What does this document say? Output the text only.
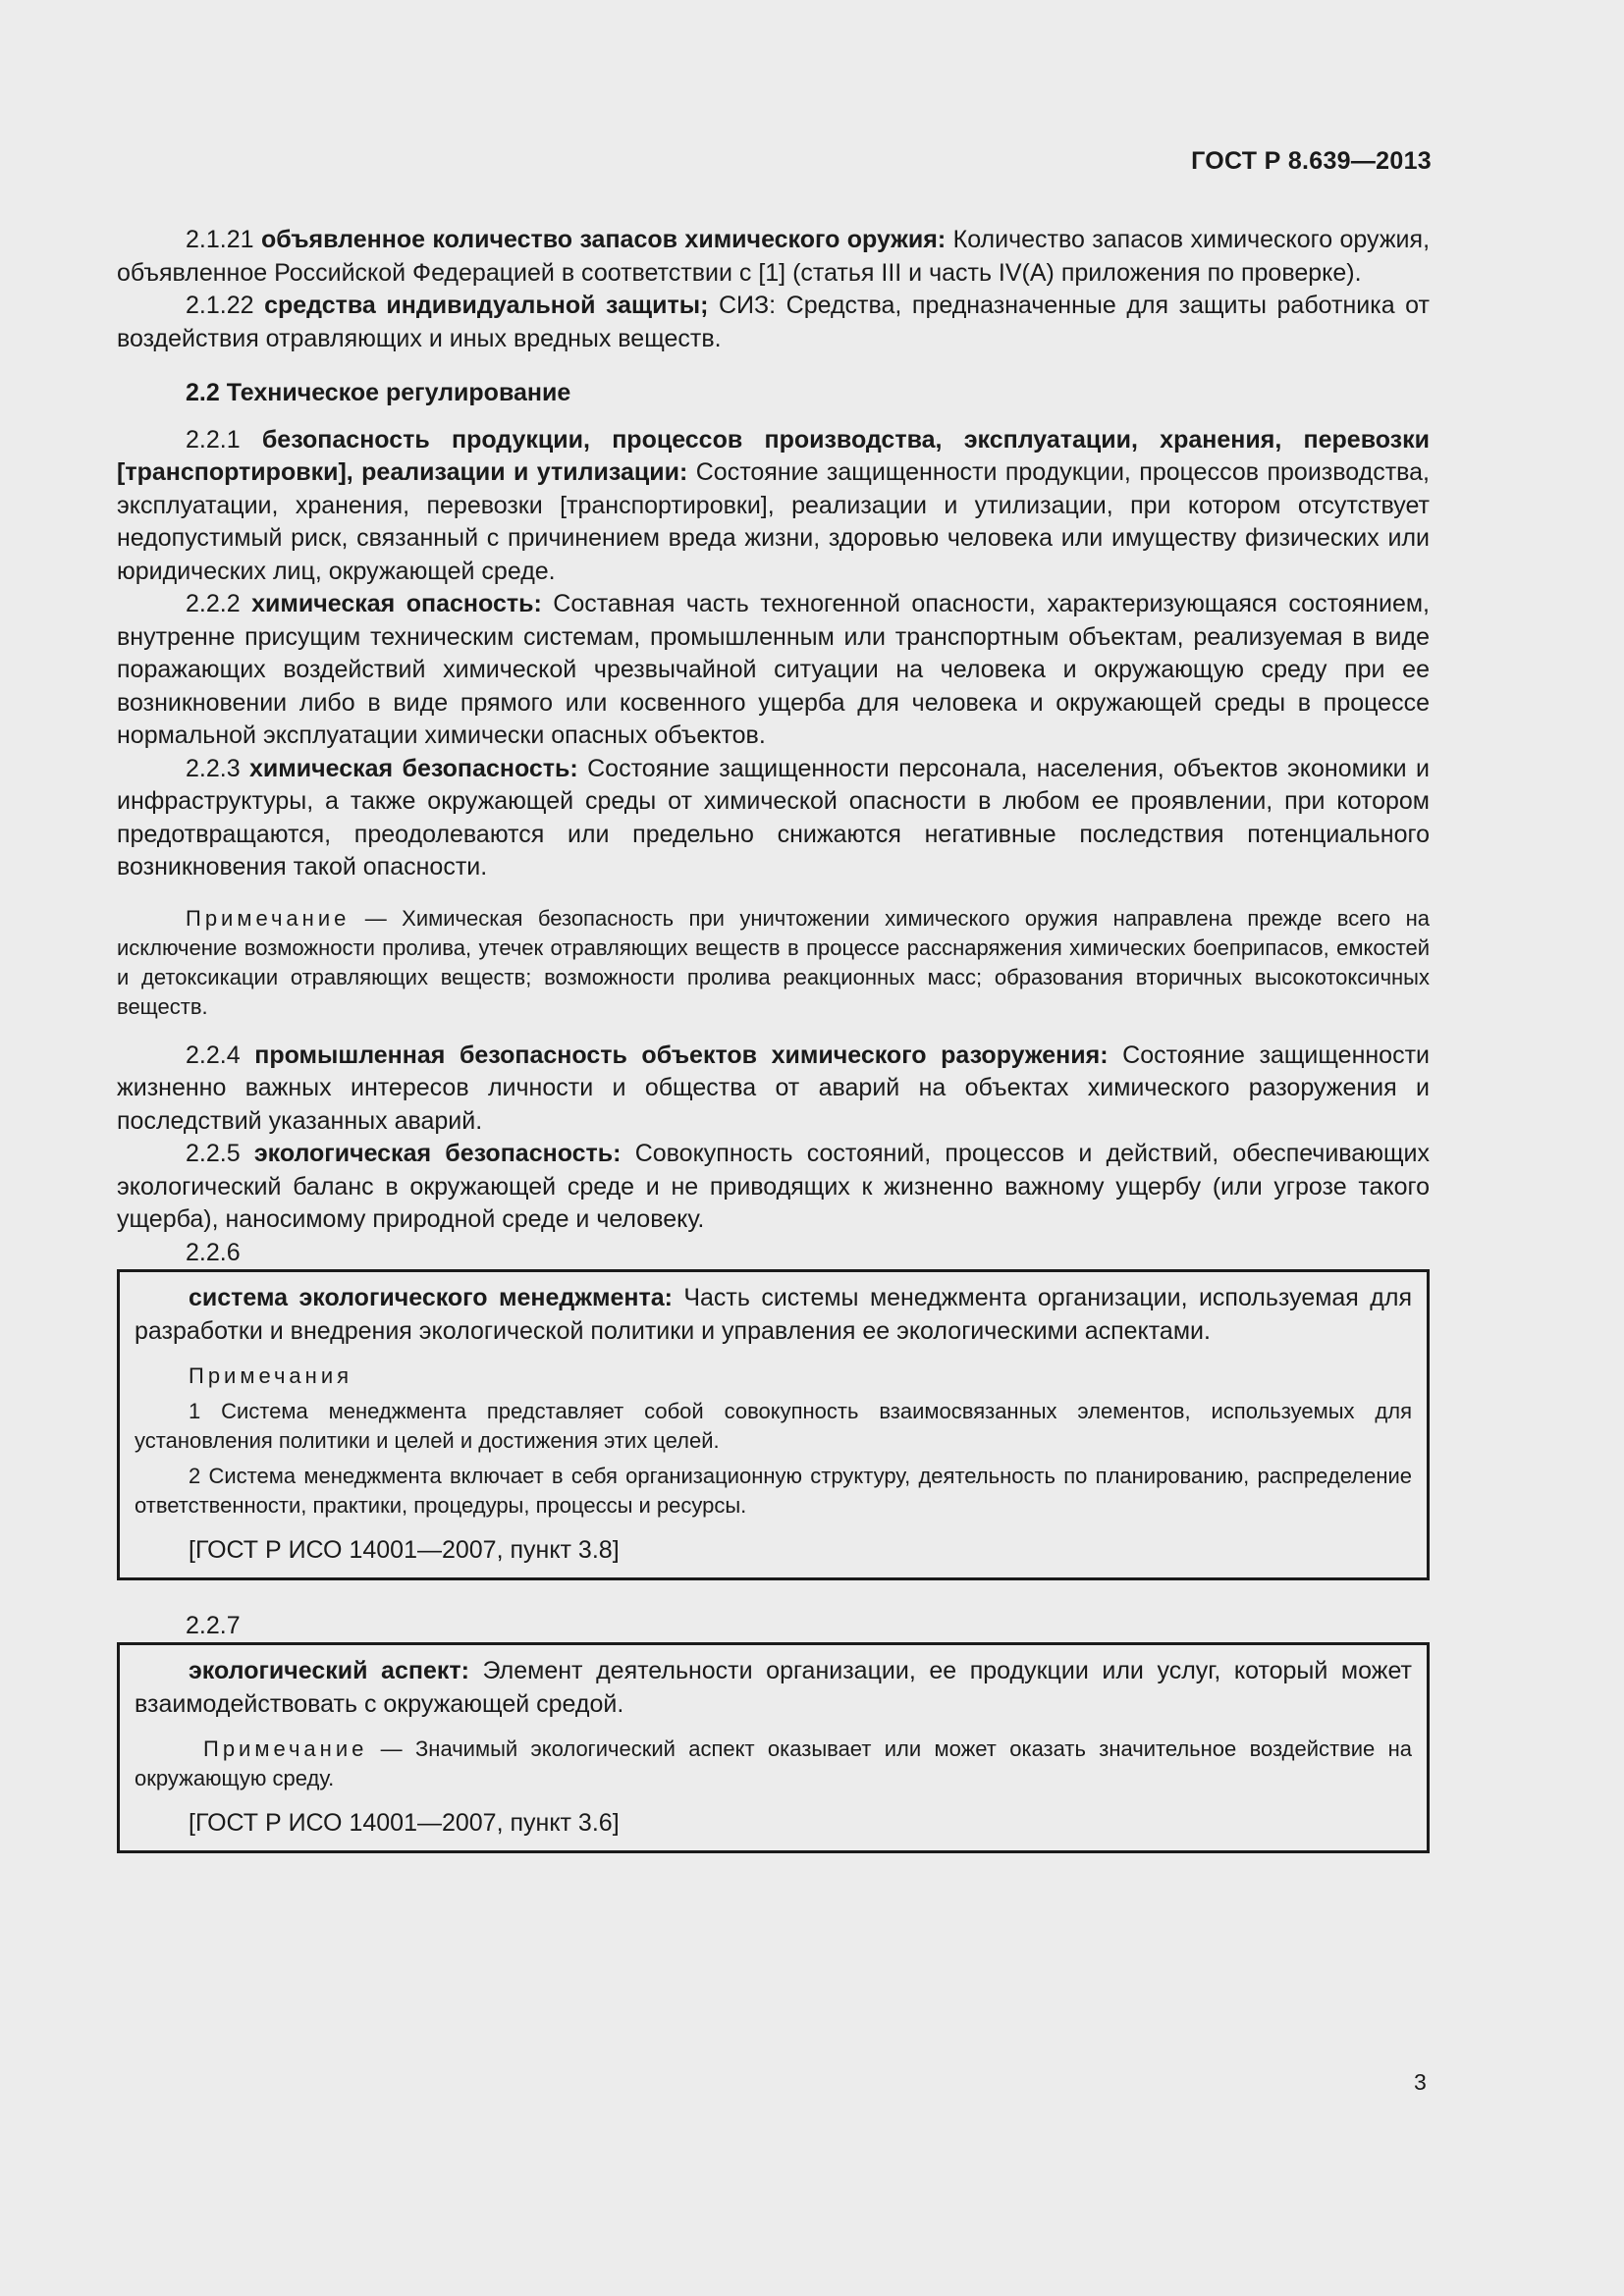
ГОСТ Р 8.639—2013

2.1.21 объявленное количество запасов химического оружия: Количество запасов химического оружия, объявленное Российской Федерацией в соответствии с [1] (статья III и часть IV(A) приложения по проверке).

2.1.22 средства индивидуальной защиты; СИЗ: Средства, предназначенные для защиты работника от воздействия отравляющих и иных вредных веществ.

2.2 Техническое регулирование

2.2.1 безопасность продукции, процессов производства, эксплуатации, хранения, перевозки [транспортировки], реализации и утилизации: Состояние защищенности продукции, процессов производства, эксплуатации, хранения, перевозки [транспортировки], реализации и утилизации, при котором отсутствует недопустимый риск, связанный с причинением вреда жизни, здоровью человека или имуществу физических или юридических лиц, окружающей среде.

2.2.2 химическая опасность: Составная часть техногенной опасности, характеризующаяся состоянием, внутренне присущим техническим системам, промышленным или транспортным объектам, реализуемая в виде поражающих воздействий химической чрезвычайной ситуации на человека и окружающую среду при ее возникновении либо в виде прямого или косвенного ущерба для человека и окружающей среды в процессе нормальной эксплуатации химически опасных объектов.

2.2.3 химическая безопасность: Состояние защищенности персонала, населения, объектов экономики и инфраструктуры, а также окружающей среды от химической опасности в любом ее проявлении, при котором предотвращаются, преодолеваются или предельно снижаются негативные последствия потенциального возникновения такой опасности.

Примечание — Химическая безопасность при уничтожении химического оружия направлена прежде всего на исключение возможности пролива, утечек отравляющих веществ в процессе расснаряжения химических боеприпасов, емкостей и детоксикации отравляющих веществ; возможности пролива реакционных масс; образования вторичных высокотоксичных веществ.

2.2.4 промышленная безопасность объектов химического разоружения: Состояние защищенности жизненно важных интересов личности и общества от аварий на объектах химического разоружения и последствий указанных аварий.

2.2.5 экологическая безопасность: Совокупность состояний, процессов и действий, обеспечивающих экологический баланс в окружающей среде и не приводящих к жизненно важному ущербу (или угрозе такого ущерба), наносимому природной среде и человеку.

2.2.6

система экологического менеджмента: Часть системы менеджмента организации, используемая для разработки и внедрения экологической политики и управления ее экологическими аспектами.

Примечания

1 Система менеджмента представляет собой совокупность взаимосвязанных элементов, используемых для установления политики и целей и достижения этих целей.

2 Система менеджмента включает в себя организационную структуру, деятельность по планированию, распределение ответственности, практики, процедуры, процессы и ресурсы.

[ГОСТ Р ИСО 14001—2007, пункт 3.8]

2.2.7

экологический аспект: Элемент деятельности организации, ее продукции или услуг, который может взаимодействовать с окружающей средой.

Примечание — Значимый экологический аспект оказывает или может оказать значительное воздействие на окружающую среду.

[ГОСТ Р ИСО 14001—2007, пункт 3.6]

3
